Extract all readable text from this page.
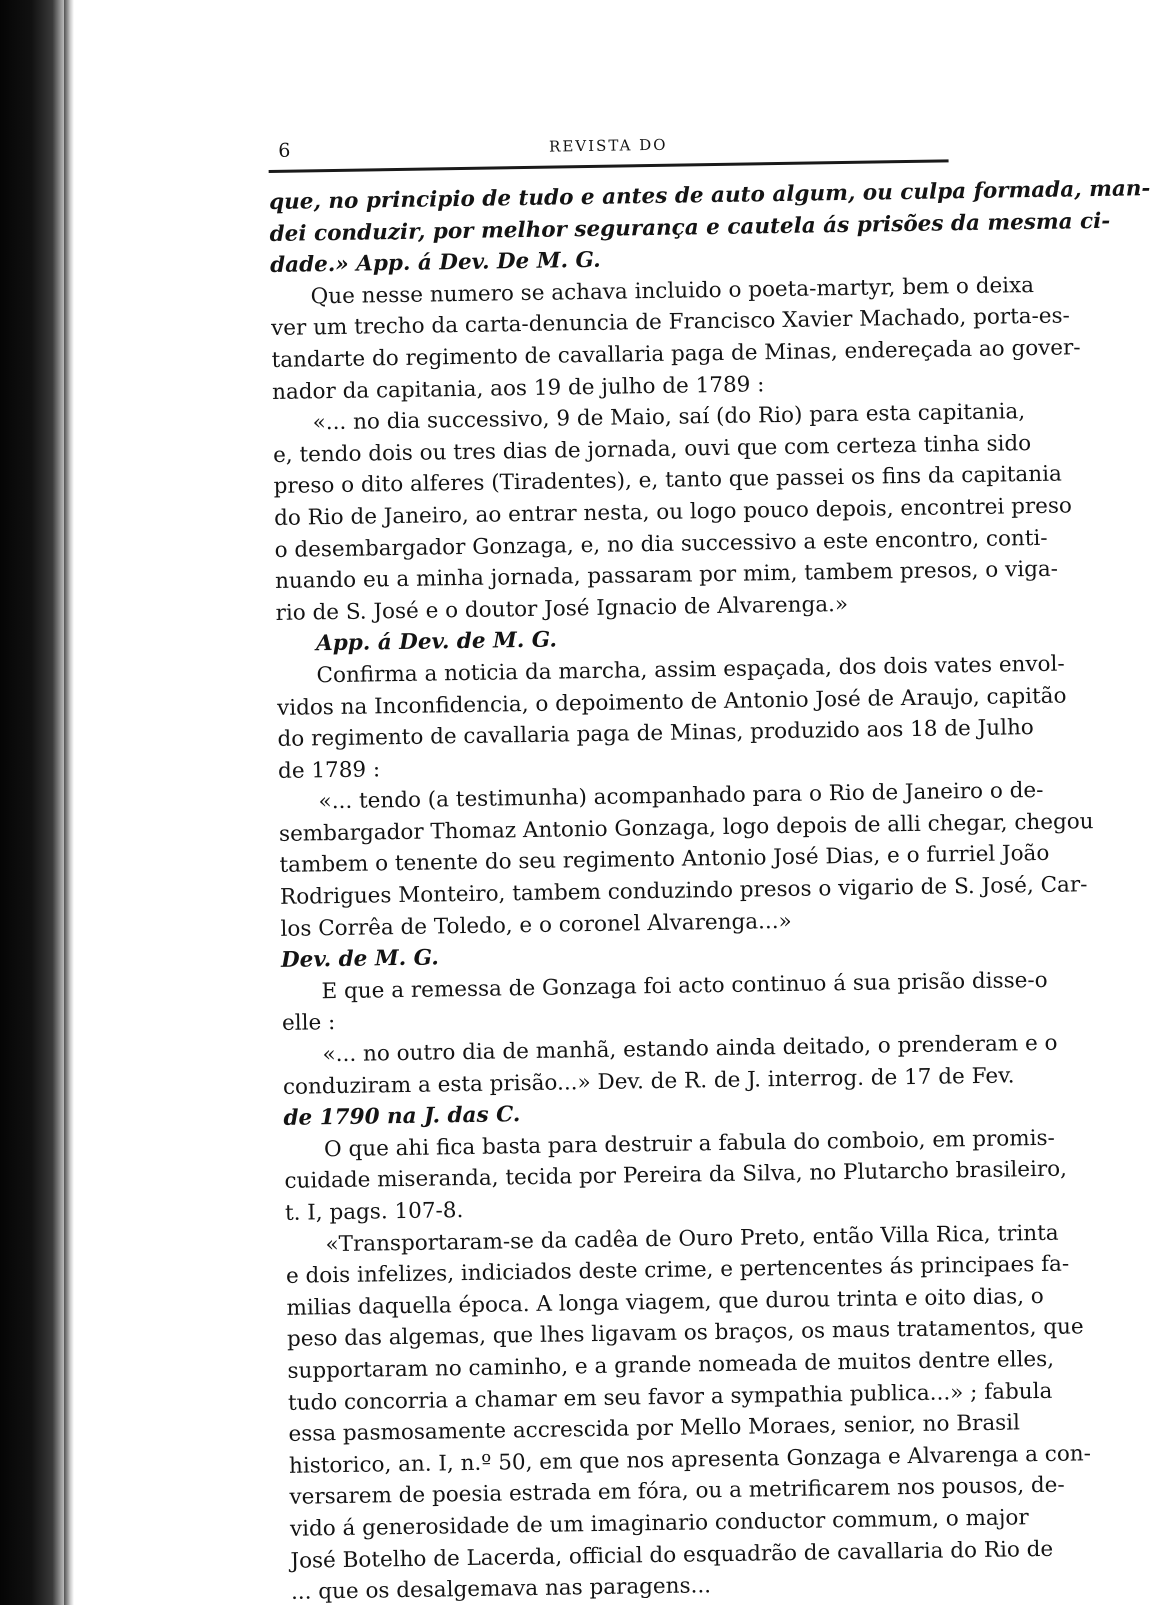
6	REVISTA DO
que, no principio de tudo e antes de auto algum, ou culpa formada, man-
dei conduzir, por melhor segurança e cautela ás prisões da mesma ci-
dade.» App. á Dev. De M. G.
Que nesse numero se achava incluido o poeta-martyr, bem o deixa
ver um trecho da carta-denuncia de Francisco Xavier Machado, porta-es-
tandarte do regimento de cavallaria paga de Minas, endereçada ao gover-
nador da capitania, aos 19 de julho de 1789 :
«... no dia successivo, 9 de Maio, saí (do Rio) para esta capitania,
e, tendo dois ou tres dias de jornada, ouvi que com certeza tinha sido
preso o dito alferes (Tiradentes), e, tanto que passei os fins da capitania
do Rio de Janeiro, ao entrar nesta, ou logo pouco depois, encontrei preso
o desembargador Gonzaga, e, no dia successivo a este encontro, conti-
nuando eu a minha jornada, passaram por mim, tambem presos, o viga-
rio de S. José e o doutor José Ignacio de Alvarenga.»
App. á Dev. de M. G.
Confirma a noticia da marcha, assim espaçada, dos dois vates envol-
vidos na Inconfidencia, o depoimento de Antonio José de Araujo, capitão
do regimento de cavallaria paga de Minas, produzido aos 18 de Julho
de 1789 :
«... tendo (a testimunha) acompanhado para o Rio de Janeiro o de-
sembargador Thomaz Antonio Gonzaga, logo depois de alli chegar, chegou
tambem o tenente do seu regimento Antonio José Dias, e o furriel João
Rodrigues Monteiro, tambem conduzindo presos o vigario de S. José, Car-
los Corrêa de Toledo, e o coronel Alvarenga...»
Dev. de M. G.
E que a remessa de Gonzaga foi acto continuo á sua prisão disse-o
elle :
«... no outro dia de manhã, estando ainda deitado, o prenderam e o
conduziram a esta prisão...» Dev. de R. de J. interrog. de 17 de Fev.
de 1790 na J. das C.
O que ahi fica basta para destruir a fabula do comboio, em promis-
cuidade miseranda, tecida por Pereira da Silva, no Plutarcho brasileiro,
t. I, pags. 107-8.
«Transportaram-se da cadêa de Ouro Preto, então Villa Rica, trinta
e dois infelizes, indiciados deste crime, e pertencentes ás principaes fa-
milias daquella época. A longa viagem, que durou trinta e oito dias, o
peso das algemas, que lhes ligavam os braços, os maus tratamentos, que
supportaram no caminho, e a grande nomeada de muitos dentre elles,
tudo concorria a chamar em seu favor a sympathia publica...» ; fabula
essa pasmosamente accrescida por Mello Moraes, senior, no Brasil
historico, an. I, n.º 50, em que nos apresenta Gonzaga e Alvarenga a con-
versarem de poesia estrada em fóra, ou a metrificarem nos pousos, de-
vido á generosidade de um imaginario conductor commum, o major
José Botelho de Lacerda, official do esquadrão de cavallaria do Rio de
... que os desalgemava nas paragens...
